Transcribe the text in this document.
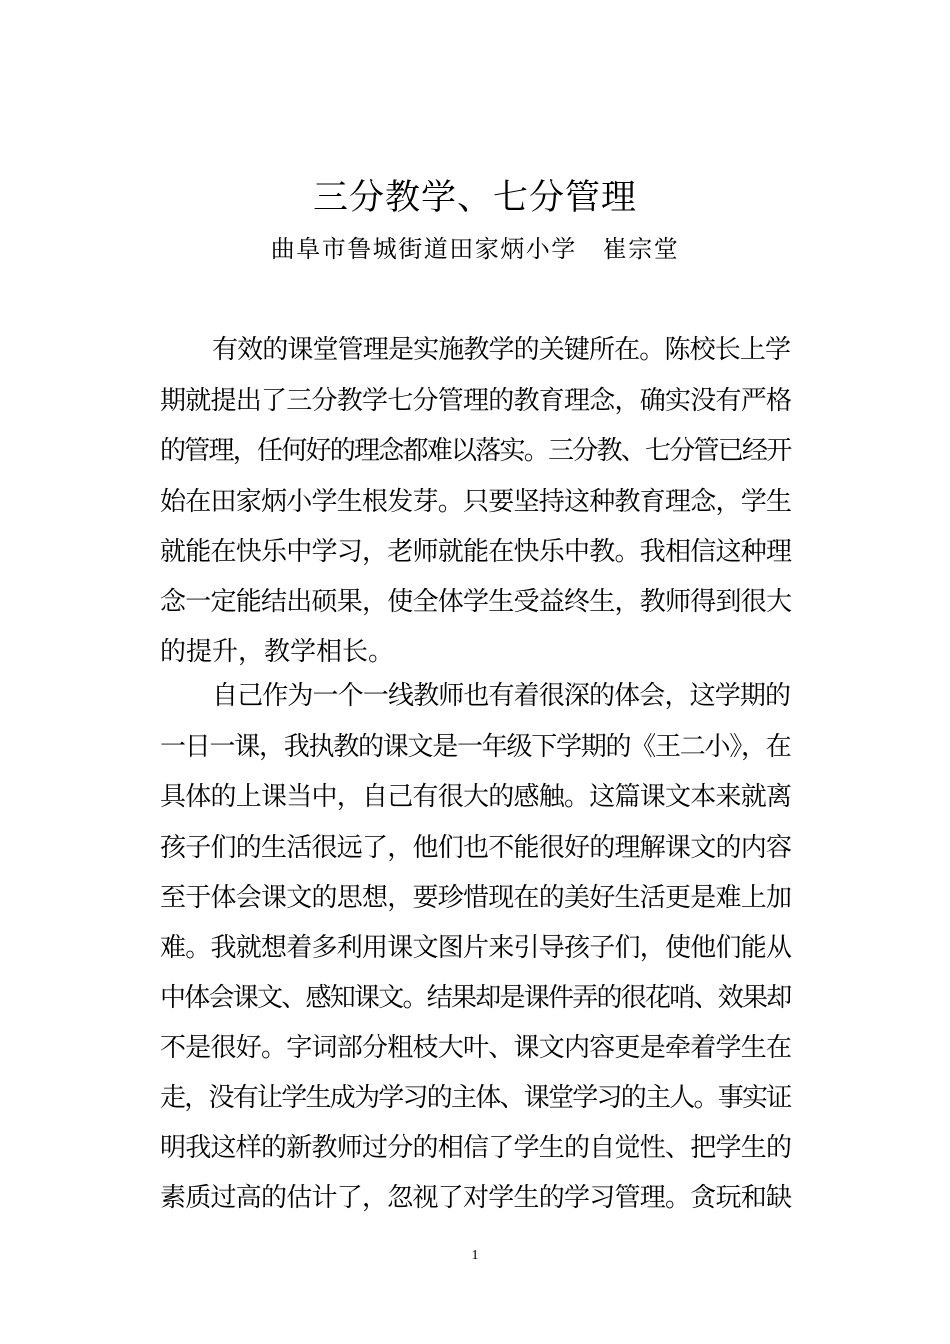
三分教学、七分管理
曲阜市鲁城街道田家炳小学 崔宗堂
有效的课堂管理是实施教学的关键所在。陈校长上学
期就提出了三分教学七分管理的教育理念，确实没有严格
的管理，任何好的理念都难以落实。三分教、七分管已经开
始在田家炳小学生根发芽。只要坚持这种教育理念，学生
就能在快乐中学习，老师就能在快乐中教。我相信这种理
念一定能结出硕果，使全体学生受益终生，教师得到很大
的提升，教学相长。
自己作为一个一线教师也有着很深的体会，这学期的
一日一课，我执教的课文是一年级下学期的《王二小》，在
具体的上课当中，自己有很大的感触。这篇课文本来就离
孩子们的生活很远了，他们也不能很好的理解课文的内容
至于体会课文的思想，要珍惜现在的美好生活更是难上加
难。我就想着多利用课文图片来引导孩子们，使他们能从
中体会课文、感知课文。结果却是课件弄的很花哨、效果却
不是很好。字词部分粗枝大叶、课文内容更是牵着学生在
走，没有让学生成为学习的主体、课堂学习的主人。事实证
明我这样的新教师过分的相信了学生的自觉性、把学生的
素质过高的估计了，忽视了对学生的学习管理。贪玩和缺
1
